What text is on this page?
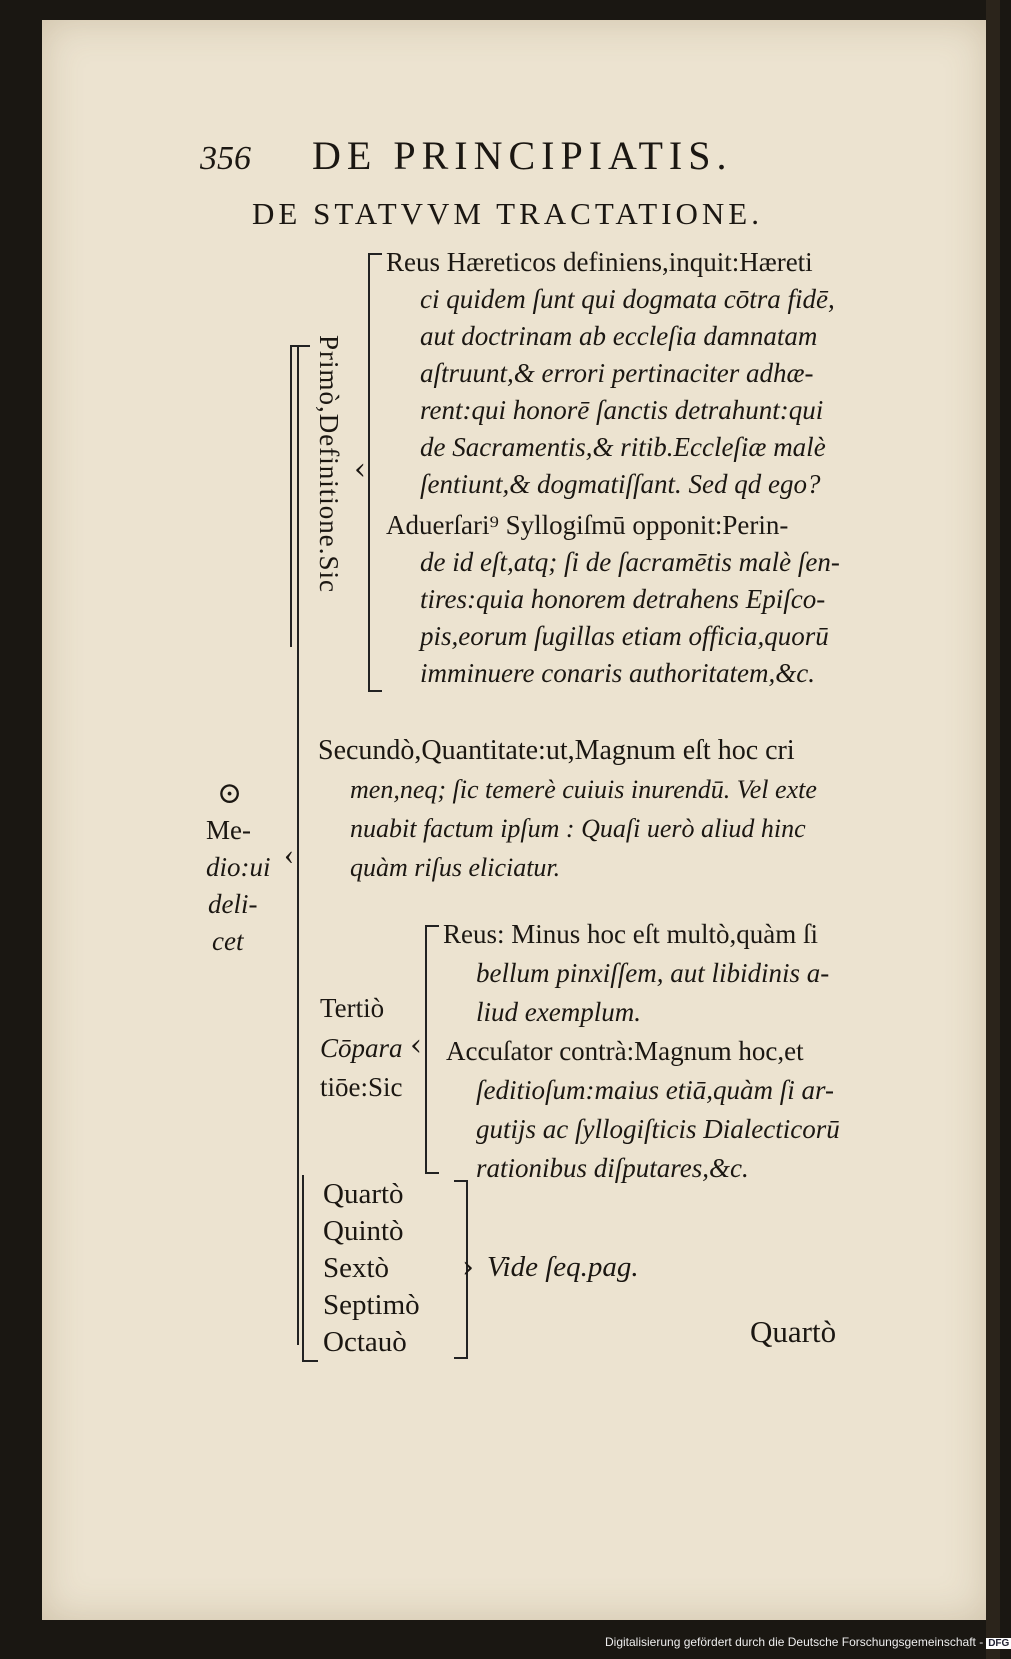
356 DE PRINCIPIATIS.
DE STATVVM TRACTATIONE.
‹
Primò,Definitione.Sic ‹
Reus Hæreticos definiens,inquit:Hæreti
ci quidem ſunt qui dogmata cōtra fidē,
aut doctrinam ab eccleſia damnatam
aſtruunt,& errori pertinaciter adhæ-
rent:qui honorē ſanctis detrahunt:qui
de Sacramentis,& ritib.Eccleſiæ malè
ſentiunt,& dogmatiſſant. Sed qd ego?
Aduerſari⁹ Syllogiſmū opponit:Perin-
de id eſt,atq; ſi de ſacramētis malè ſen-
tires:quia honorem detrahens Epiſco-
pis,eorum ſugillas etiam officia,quorū
imminuere conaris authoritatem,&c.
⊙
Me-
dio:ui
deli-
cet
Secundò,Quantitate:ut,Magnum eſt hoc cri
men,neq; ſic temerè cuiuis inurendū. Vel exte
nuabit factum ipſum : Quaſi uerò aliud hinc
quàm riſus eliciatur.
Tertiò
Cōpara
tiōe:Sic
‹
Reus: Minus hoc eſt multò,quàm ſi
bellum pinxiſſem, aut libidinis a-
liud exemplum.
Accuſator contrà:Magnum hoc,et
ſeditioſum:maius etiā,quàm ſi ar-
gutijs ac ſyllogiſticis Dialecticorū
rationibus diſputares,&c.
Quartò
Quintò
Sextò
Septimò
Octauò
› Vide ſeq.pag.
Quartò
Digitalisierung gefördert durch die Deutsche Forschungsgemeinschaft - DFG
